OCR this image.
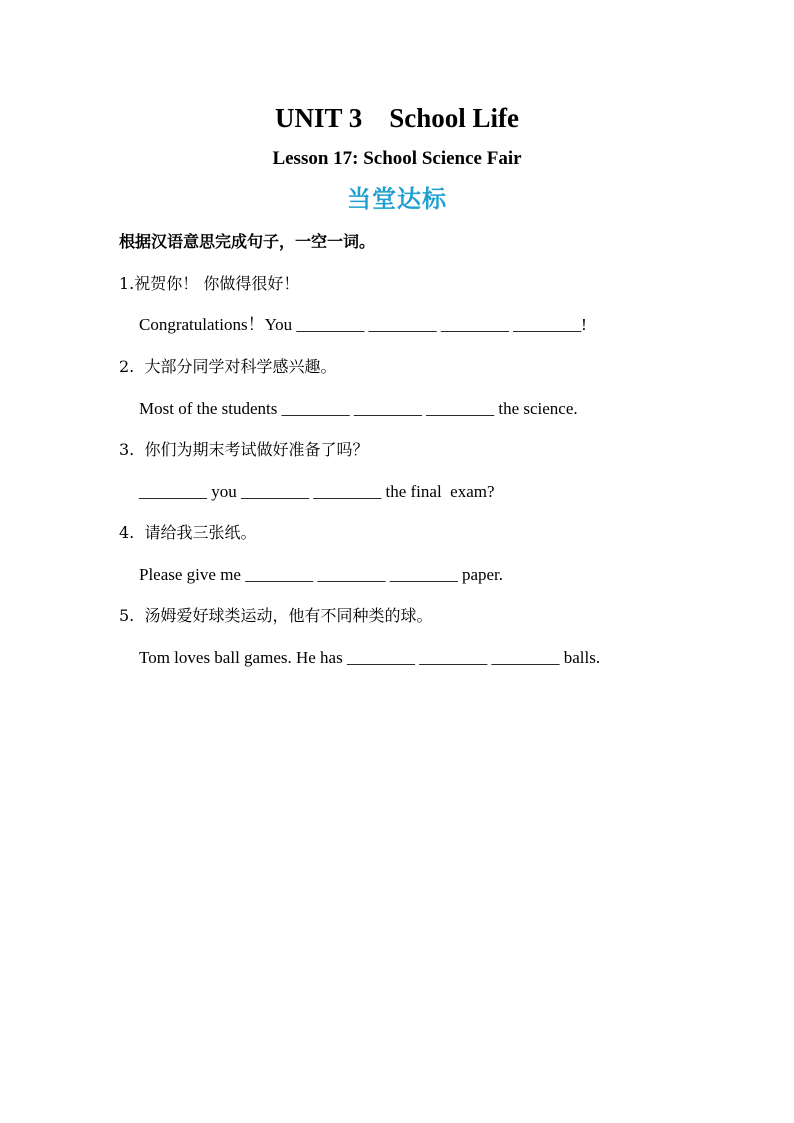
UNIT 3    School Life
Lesson 17: School Science Fair
当堂达标
根据汉语意思完成句子，一空一词。
1.祝贺你！ 你做得很好！
Congratulations！You ________ ________ ________ ________!
2.  大部分同学对科学感兴趣。
Most of the students ________ ________ ________ the science.
3.  你们为期末考试做好准备了吗？
________ you ________ ________ the final  exam?
4.  请给我三张纸。
Please give me ________ ________ ________ paper.
5.  汤姆爱好球类运动，他有不同种类的球。
Tom loves ball games. He has ________ ________ ________ balls.
